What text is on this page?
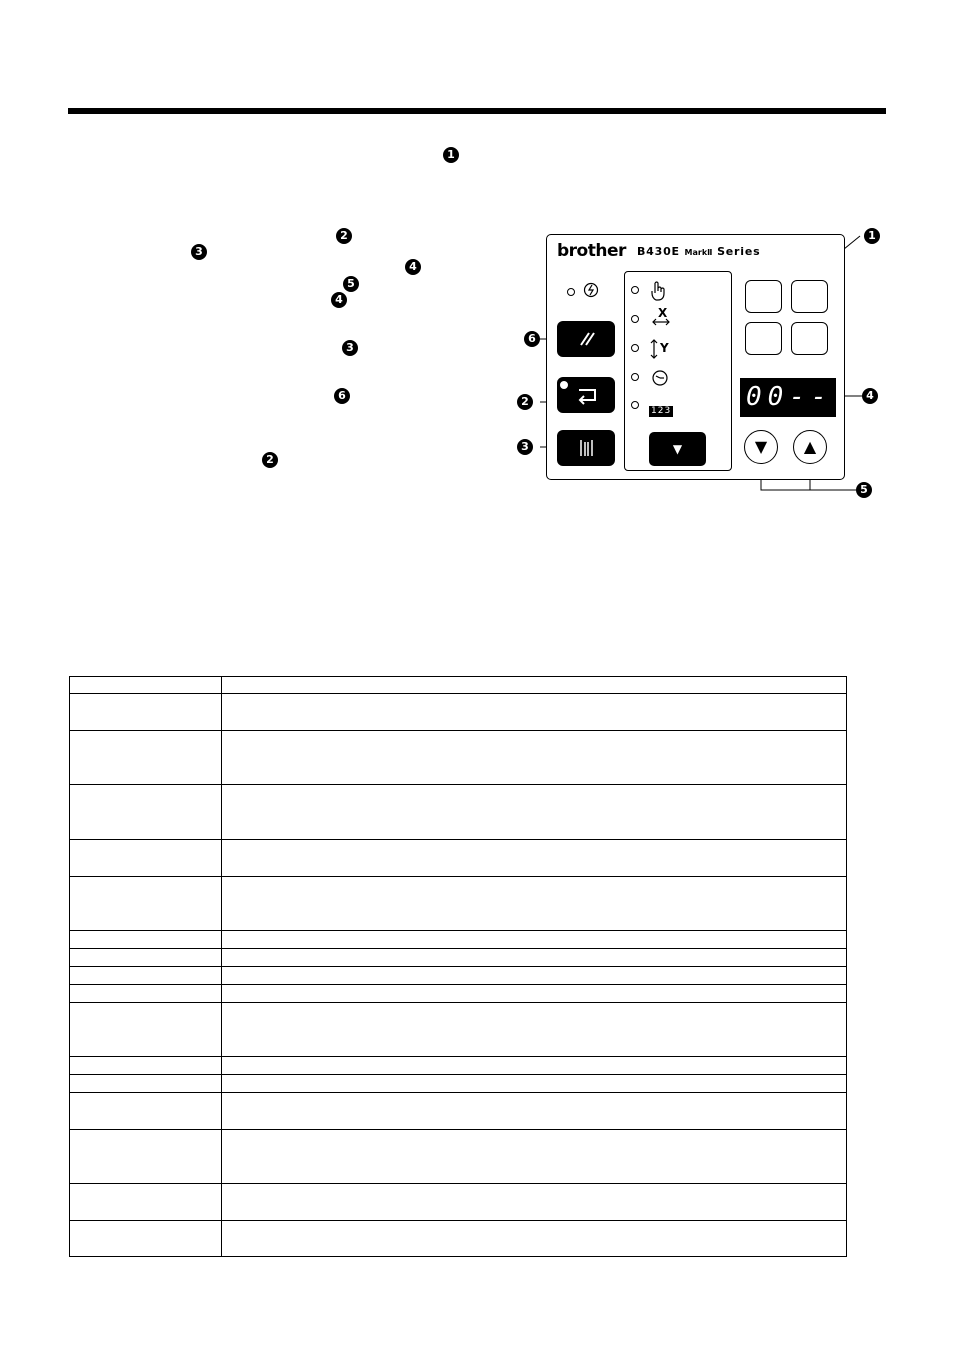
1
2
3
4
5
4
3
6
2
1
6
2
3
4
5
brother B430E MarkⅡ Series
X
Y
123
▼
00--
▼	▲
